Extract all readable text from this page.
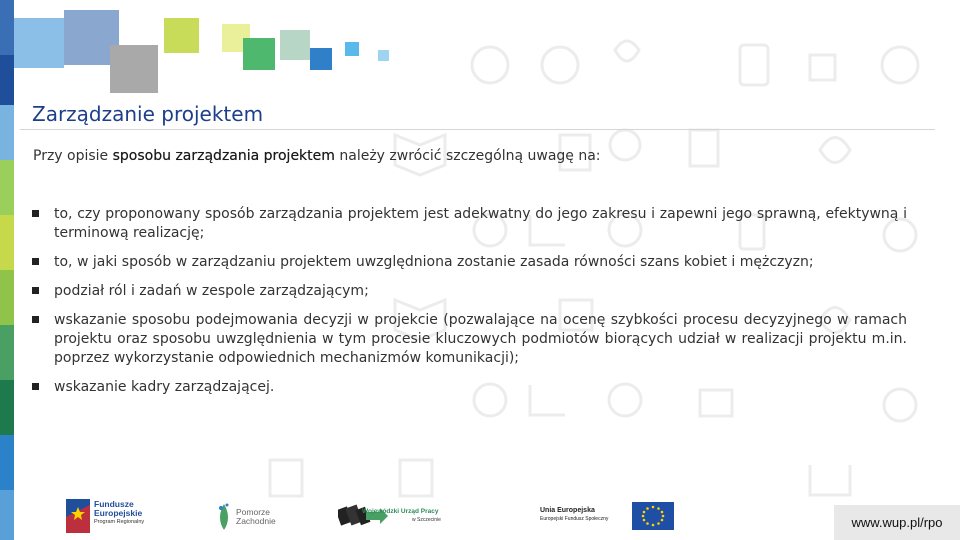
Zarządzanie projektem
Przy opisie sposobu zarządzania projektem należy zwrócić szczególną uwagę na:
to, czy proponowany sposób zarządzania projektem jest adekwatny do jego zakresu i zapewni jego sprawną, efektywną i terminową realizację;
to, w jaki sposób w zarządzaniu projektem uwzględniona zostanie zasada równości szans kobiet i mężczyzn;
podział ról i zadań w zespole zarządzającym;
wskazanie sposobu podejmowania decyzji w projekcie (pozwalające na ocenę szybkości procesu decyzyjnego w ramach projektu oraz sposobu uwzględnienia w tym procesie kluczowych podmiotów biorących udział w realizacji projektu m.in. poprzez wykorzystanie odpowiednich mechanizmów komunikacji);
wskazanie kadry zarządzającej.
Fundusze
Europejskie
Program Regionalny
Pomorze
Zachodnie
Wojewódzki Urząd Pracy
w Szczecinie
Unia Europejska
Europejski Fundusz Społeczny	www.wup.pl/rpo
